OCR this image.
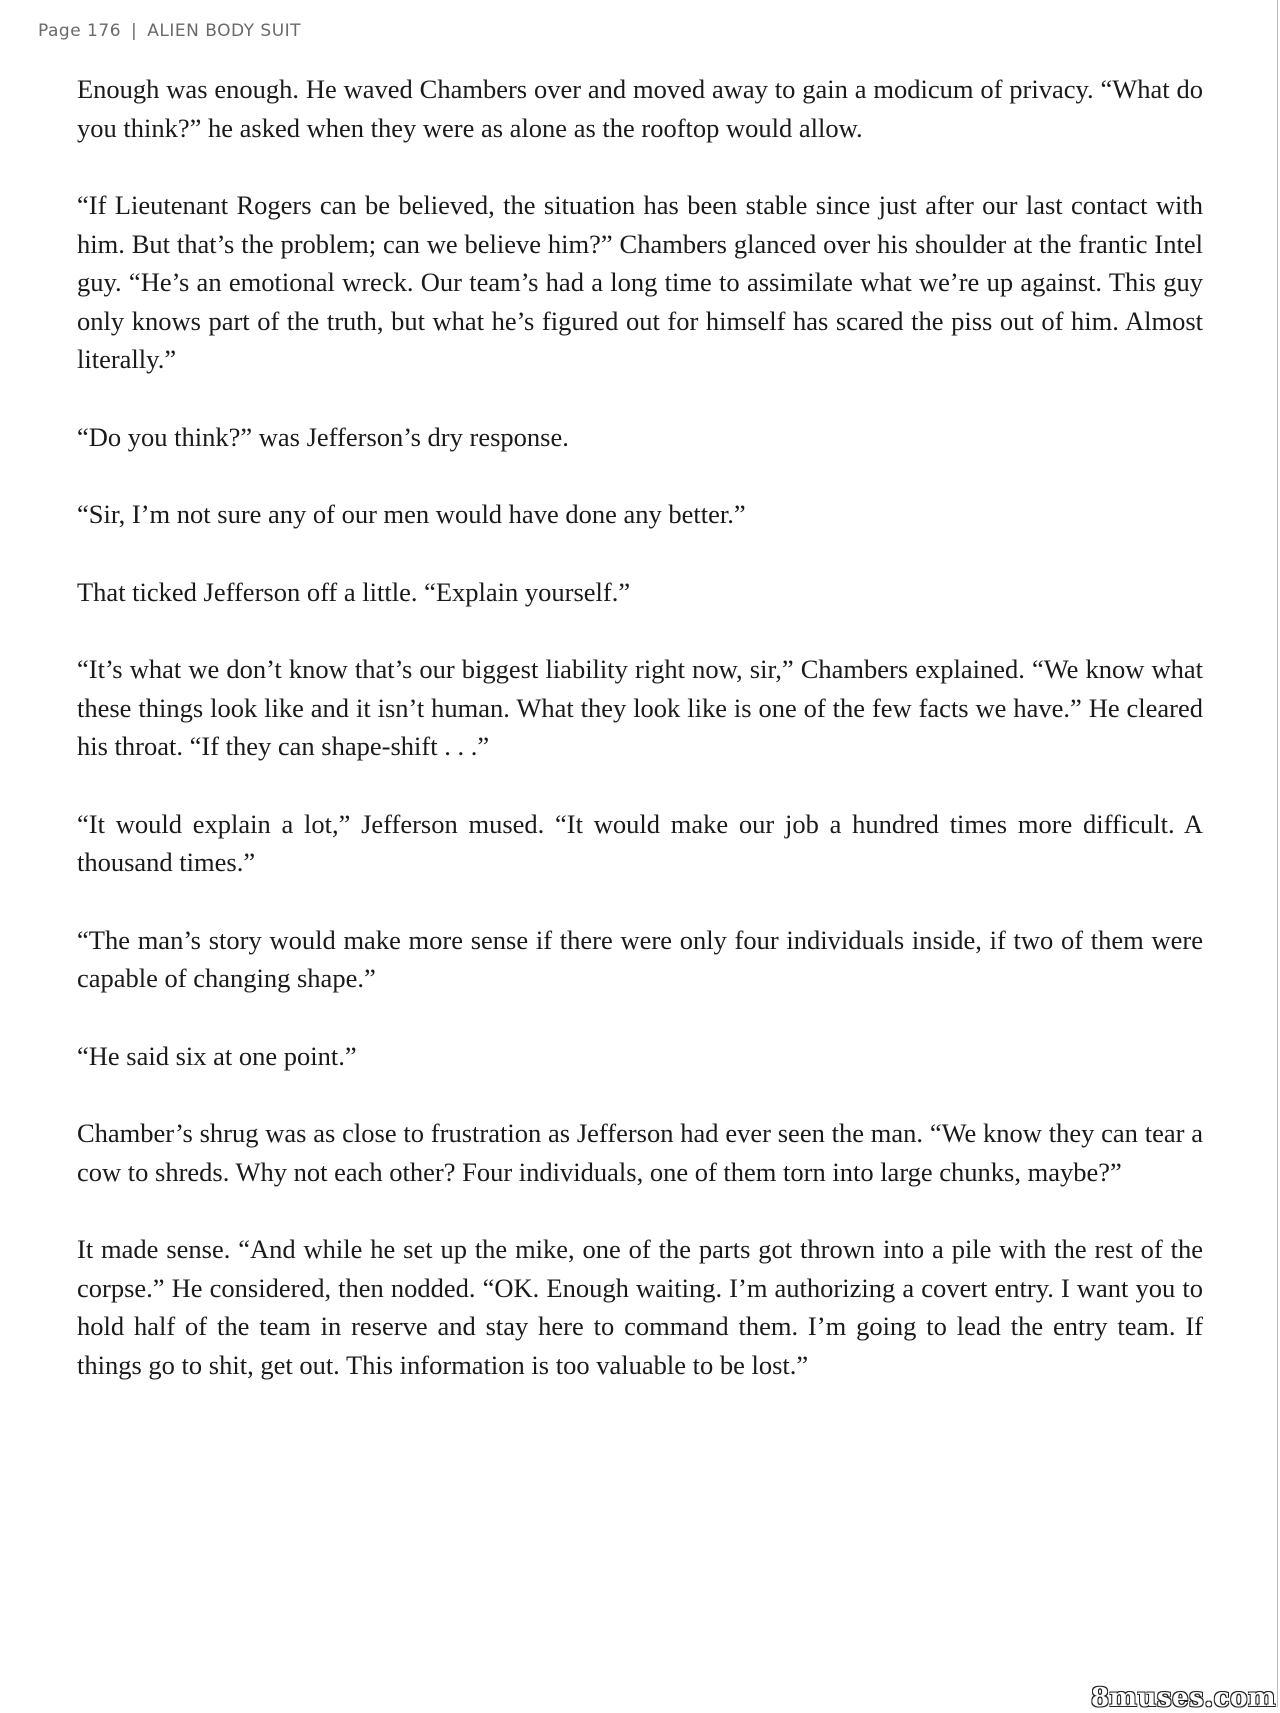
Page 176 | ALIEN BODY SUIT

Enough was enough. He waved Chambers over and moved away to gain a modicum of privacy. “What do you think?” he asked when they were as alone as the rooftop would allow.

“If Lieutenant Rogers can be believed, the situation has been stable since just after our last contact with him. But that’s the problem; can we believe him?” Chambers glanced over his shoulder at the frantic Intel guy. “He’s an emotional wreck. Our team’s had a long time to assimilate what we’re up against. This guy only knows part of the truth, but what he’s figured out for himself has scared the piss out of him. Almost literally.”

“Do you think?” was Jefferson’s dry response.

“Sir, I’m not sure any of our men would have done any better.”

That ticked Jefferson off a little. “Explain yourself.”

“It’s what we don’t know that’s our biggest liability right now, sir,” Chambers explained. “We know what these things look like and it isn’t human. What they look like is one of the few facts we have.” He cleared his throat. “If they can shape-shift . . .”

“It would explain a lot,” Jefferson mused. “It would make our job a hundred times more difficult. A thousand times.”

“The man’s story would make more sense if there were only four individuals inside, if two of them were capable of changing shape.”

“He said six at one point.”

Chamber’s shrug was as close to frustration as Jefferson had ever seen the man. “We know they can tear a cow to shreds. Why not each other? Four individuals, one of them torn into large chunks, maybe?”

It made sense. “And while he set up the mike, one of the parts got thrown into a pile with the rest of the corpse.” He considered, then nodded. “OK. Enough waiting. I’m authorizing a covert entry. I want you to hold half of the team in reserve and stay here to command them. I’m going to lead the entry team. If things go to shit, get out. This information is too valuable to be lost.”

8muses.com
